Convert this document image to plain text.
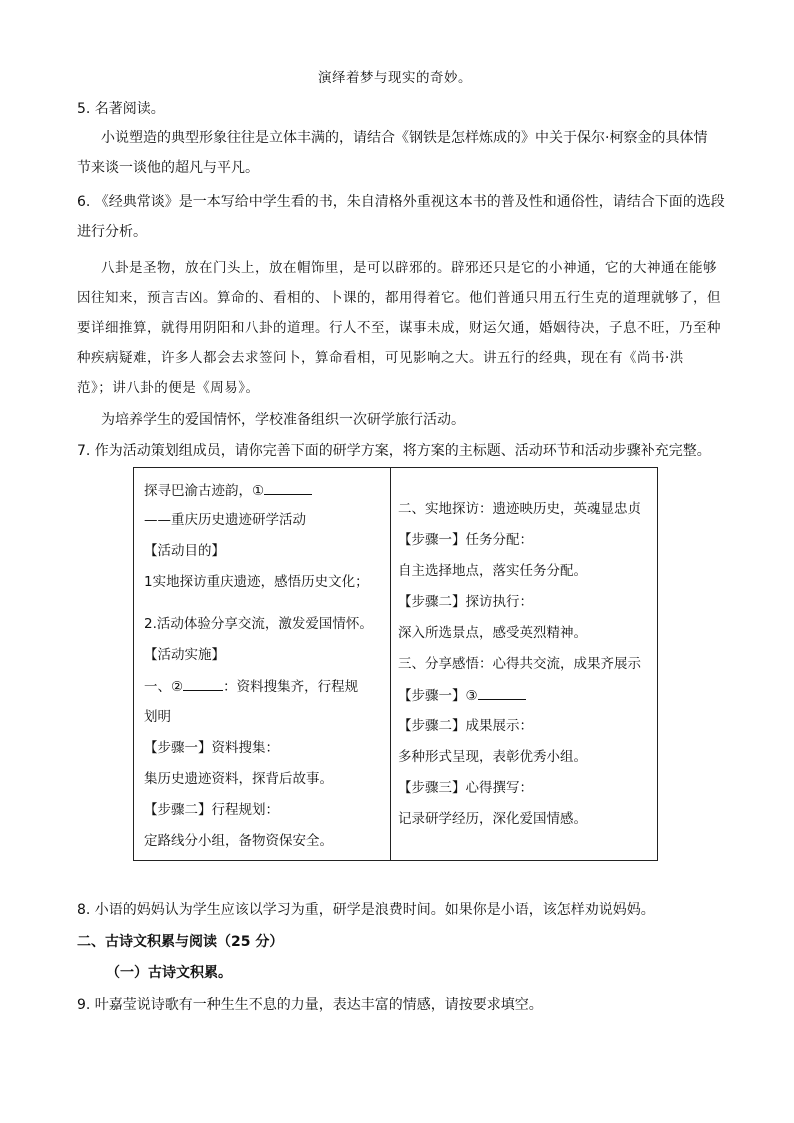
演绎着梦与现实的奇妙。
5. 名著阅读。
小说塑造的典型形象往往是立体丰满的，请结合《钢铁是怎样炼成的》中关于保尔·柯察金的具体情
节来谈一谈他的超凡与平凡。
6. 《经典常谈》是一本写给中学生看的书，朱自清格外重视这本书的普及性和通俗性，请结合下面的选段
进行分析。
八卦是圣物，放在门头上，放在帽饰里，是可以辟邪的。辟邪还只是它的小神通，它的大神通在能够
因往知来，预言吉凶。算命的、看相的、卜课的，都用得着它。他们普通只用五行生克的道理就够了，但
要详细推算，就得用阴阳和八卦的道理。行人不至，谋事未成，财运欠通，婚姻待决，子息不旺，乃至种
种疾病疑难，许多人都会去求签问卜，算命看相，可见影响之大。讲五行的经典，现在有《尚书·洪
范》；讲八卦的便是《周易》。
为培养学生的爱国情怀，学校准备组织一次研学旅行活动。
7. 作为活动策划组成员，请你完善下面的研学方案，将方案的主标题、活动环节和活动步骤补充完整。
探寻巴渝古迹韵，①
——重庆历史遗迹研学活动
【活动目的】
1实地探访重庆遗迹，感悟历史文化；
2.活动体验分享交流，激发爱国情怀。
【活动实施】
一、②	：资料搜集齐，行程规
划明
【步骤一】资料搜集：
集历史遗迹资料，探背后故事。
【步骤二】行程规划：
定路线分小组，备物资保安全。
二、实地探访：遗迹映历史，英魂显忠贞
【步骤一】任务分配：
自主选择地点，落实任务分配。
【步骤二】探访执行：
深入所选景点，感受英烈精神。
三、分享感悟：心得共交流，成果齐展示
【步骤一】③
【步骤二】成果展示：
多种形式呈现，表彰优秀小组。
【步骤三】心得撰写：
记录研学经历，深化爱国情感。
8. 小语的妈妈认为学生应该以学习为重，研学是浪费时间。如果你是小语，该怎样劝说妈妈。
二、古诗文积累与阅读（25 分）
（一）古诗文积累。
9. 叶嘉莹说诗歌有一种生生不息的力量，表达丰富的情感，请按要求填空。
